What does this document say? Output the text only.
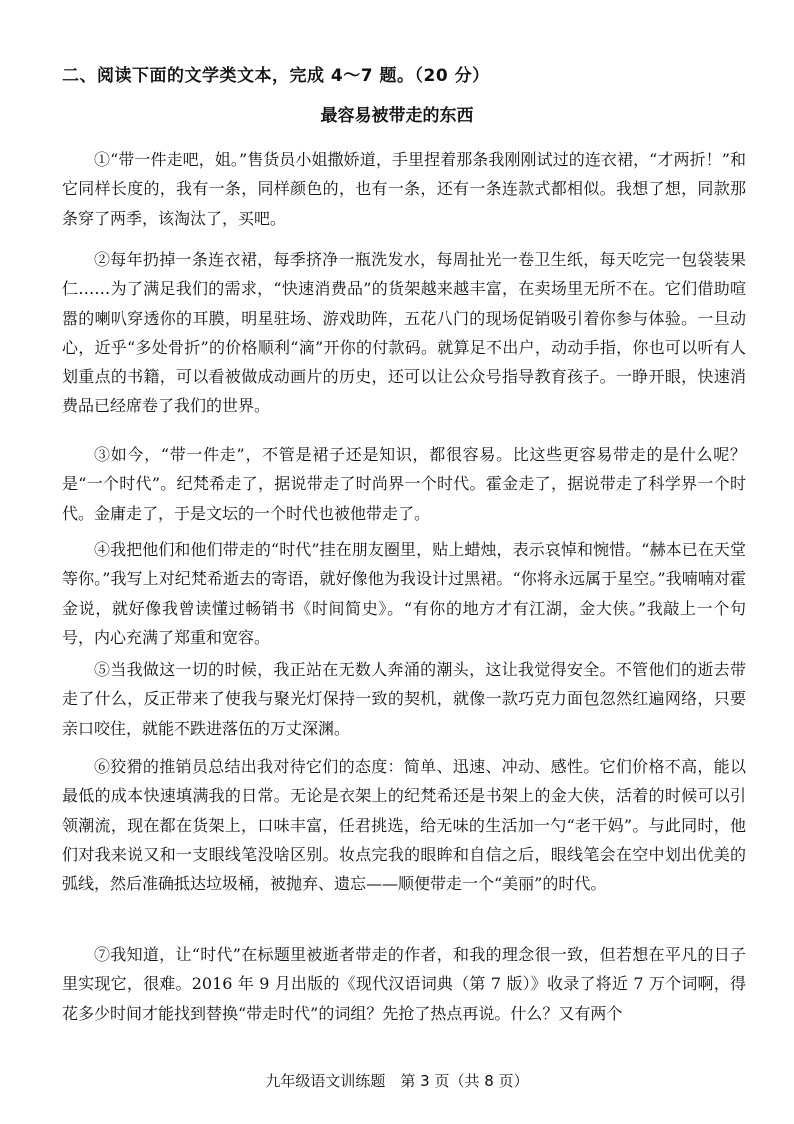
二、阅读下面的文学类文本，完成 4～7 题。（20 分）
最容易被带走的东西

①“带一件走吧，姐。”售货员小姐撒娇道，手里捏着那条我刚刚试过的连衣裙，“才两折！”和它同样长度的，我有一条，同样颜色的，也有一条，还有一条连款式都相似。我想了想，同款那条穿了两季，该淘汰了，买吧。

②每年扔掉一条连衣裙，每季挤净一瓶洗发水，每周扯光一卷卫生纸，每天吃完一包袋装果仁……为了满足我们的需求，“快速消费品”的货架越来越丰富，在卖场里无所不在。它们借助喧嚣的喇叭穿透你的耳膜，明星驻场、游戏助阵，五花八门的现场促销吸引着你参与体验。一旦动心，近乎“多处骨折”的价格顺利“滴”开你的付款码。就算足不出户，动动手指，你也可以听有人划重点的书籍，可以看被做成动画片的历史，还可以让公众号指导教育孩子。一睁开眼，快速消费品已经席卷了我们的世界。

③如今，“带一件走”，不管是裙子还是知识，都很容易。比这些更容易带走的是什么呢？是“一个时代”。纪梵希走了，据说带走了时尚界一个时代。霍金走了，据说带走了科学界一个时代。金庸走了，于是文坛的一个时代也被他带走了。

④我把他们和他们带走的“时代”挂在朋友圈里，贴上蜡烛，表示哀悼和惋惜。“赫本已在天堂等你。”我写上对纪梵希逝去的寄语，就好像他为我设计过黑裙。“你将永远属于星空。”我喃喃对霍金说，就好像我曾读懂过畅销书《时间简史》。“有你的地方才有江湖，金大侠。”我敲上一个句号，内心充满了郑重和宽容。

⑤当我做这一切的时候，我正站在无数人奔涌的潮头，这让我觉得安全。不管他们的逝去带走了什么，反正带来了使我与聚光灯保持一致的契机，就像一款巧克力面包忽然红遍网络，只要亲口咬住，就能不跌进落伍的万丈深渊。

⑥狡猾的推销员总结出我对待它们的态度：简单、迅速、冲动、感性。它们价格不高，能以最低的成本快速填满我的日常。无论是衣架上的纪梵希还是书架上的金大侠，活着的时候可以引领潮流，现在都在货架上，口味丰富，任君挑选，给无味的生活加一勺“老干妈”。与此同时，他们对我来说又和一支眼线笔没啥区别。妆点完我的眼眸和自信之后，眼线笔会在空中划出优美的弧线，然后准确抵达垃圾桶，被抛弃、遗忘——顺便带走一个“美丽”的时代。

⑦我知道，让“时代”在标题里被逝者带走的作者，和我的理念很一致，但若想在平凡的日子里实现它，很难。2016 年 9 月出版的《现代汉语词典（第 7 版）》收录了将近 7 万个词啊，得花多少时间才能找到替换“带走时代”的词组？先抢了热点再说。什么？又有两个

九年级语文训练题　第 3 页（共 8 页）
